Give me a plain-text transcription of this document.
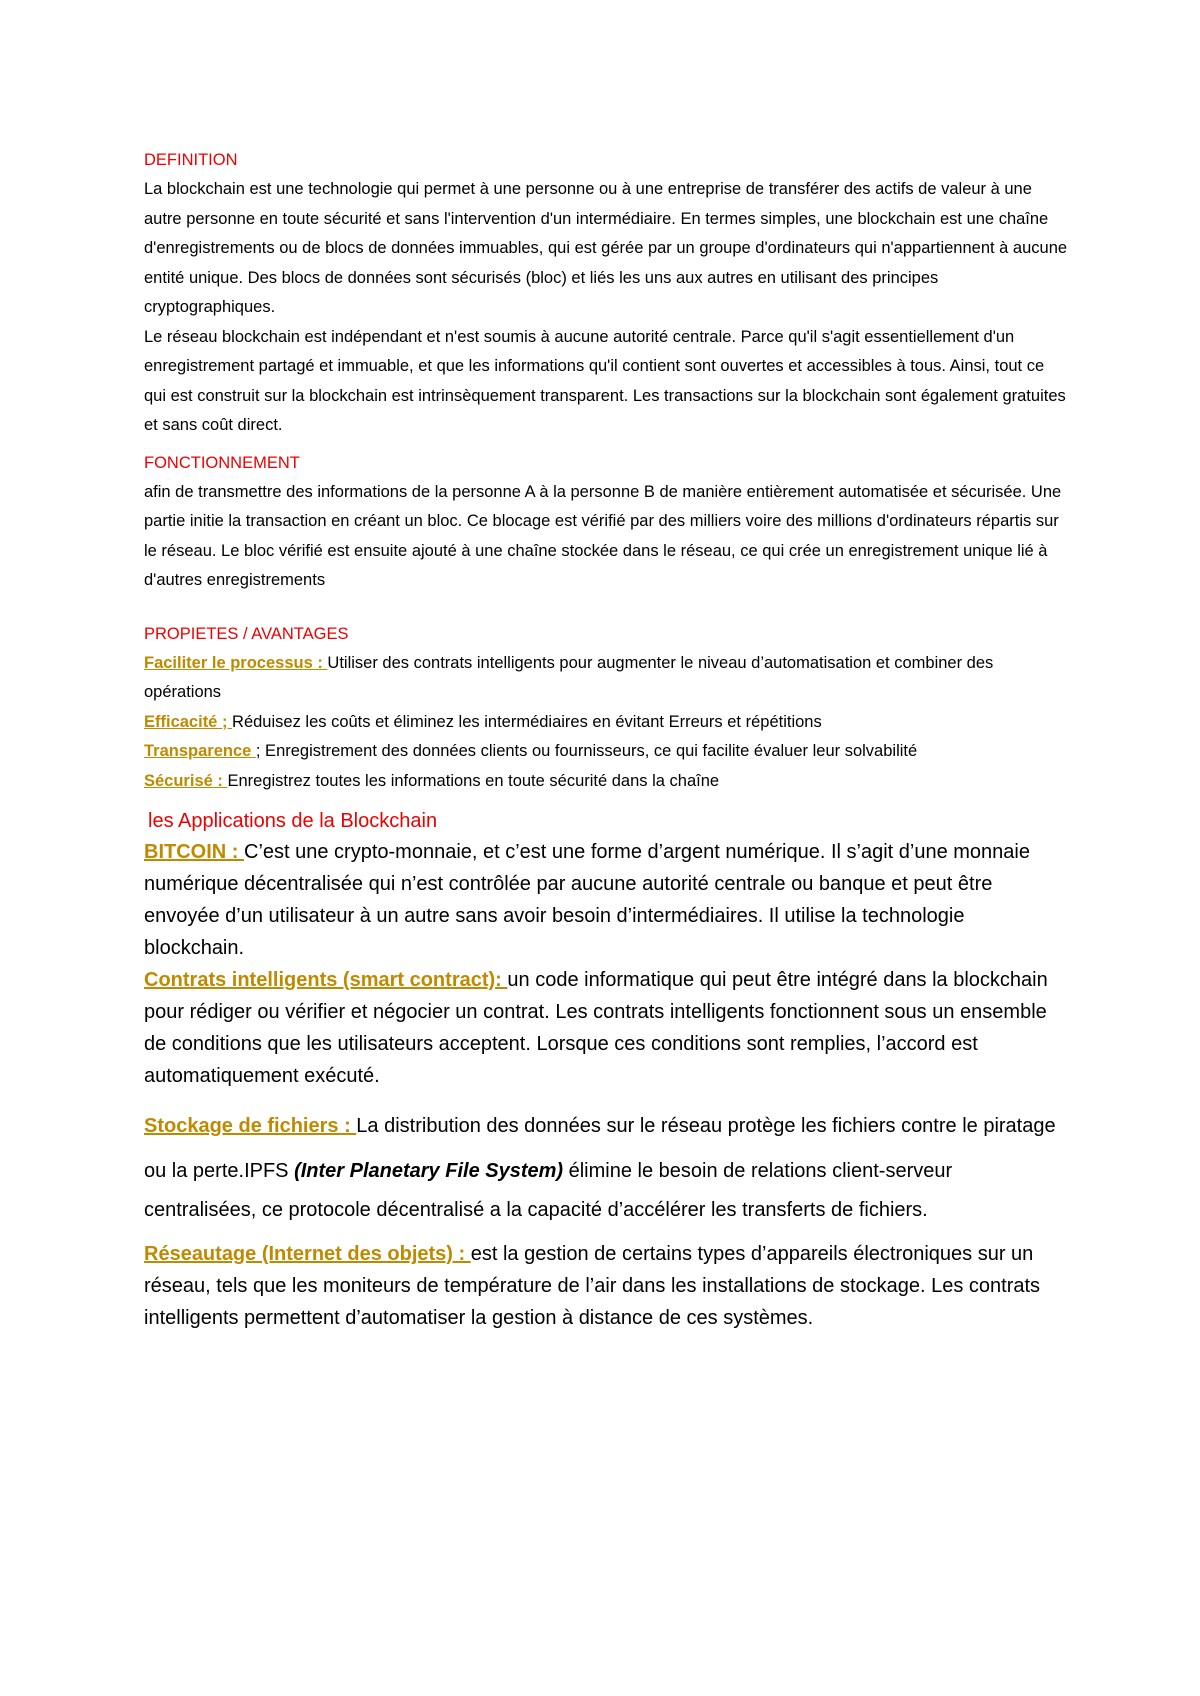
DEFINITION

La blockchain est une technologie qui permet à une personne ou à une entreprise de transférer des actifs de valeur à une autre personne en toute sécurité et sans l'intervention d'un intermédiaire. En termes simples, une blockchain est une chaîne d'enregistrements ou de blocs de données immuables, qui est gérée par un groupe d'ordinateurs qui n'appartiennent à aucune entité unique. Des blocs de données sont sécurisés (bloc) et liés les uns aux autres en utilisant des principes cryptographiques.

Le réseau blockchain est indépendant et n'est soumis à aucune autorité centrale. Parce qu'il s'agit essentiellement d'un enregistrement partagé et immuable, et que les informations qu'il contient sont ouvertes et accessibles à tous. Ainsi, tout ce qui est construit sur la blockchain est intrinsèquement transparent. Les transactions sur la blockchain sont également gratuites et sans coût direct.

FONCTIONNEMENT

afin de transmettre des informations de la personne A à la personne B de manière entièrement automatisée et sécurisée. Une partie initie la transaction en créant un bloc. Ce blocage est vérifié par des milliers voire des millions d'ordinateurs répartis sur le réseau. Le bloc vérifié est ensuite ajouté à une chaîne stockée dans le réseau, ce qui crée un enregistrement unique lié à d'autres enregistrements

PROPIETES / AVANTAGES

Faciliter le processus : Utiliser des contrats intelligents pour augmenter le niveau d’automatisation et combiner des opérations

Efficacité ; Réduisez les coûts et éliminez les intermédiaires en évitant Erreurs et répétitions

Transparence ; Enregistrement des données clients ou fournisseurs, ce qui facilite évaluer leur solvabilité

Sécurisé : Enregistrez toutes les informations en toute sécurité dans la chaîne

les Applications de la Blockchain

BITCOIN : C’est une crypto-monnaie, et c’est une forme d’argent numérique. Il s’agit d’une monnaie numérique décentralisée qui n’est contrôlée par aucune autorité centrale ou banque et peut être envoyée d’un utilisateur à un autre sans avoir besoin d’intermédiaires. Il utilise la technologie blockchain.

Contrats intelligents (smart contract): un code informatique qui peut être intégré dans la blockchain pour rédiger ou vérifier et négocier un contrat. Les contrats intelligents fonctionnent sous un ensemble de conditions que les utilisateurs acceptent. Lorsque ces conditions sont remplies, l’accord est automatiquement exécuté.

Stockage de fichiers : La distribution des données sur le réseau protège les fichiers contre le piratage ou la perte.IPFS (Inter Planetary File System) élimine le besoin de relations client-serveur centralisées, ce protocole décentralisé a la capacité d’accélérer les transferts de fichiers.

Réseautage (Internet des objets) : est la gestion de certains types d’appareils électroniques sur un réseau, tels que les moniteurs de température de l’air dans les installations de stockage. Les contrats intelligents permettent d’automatiser la gestion à distance de ces systèmes.
